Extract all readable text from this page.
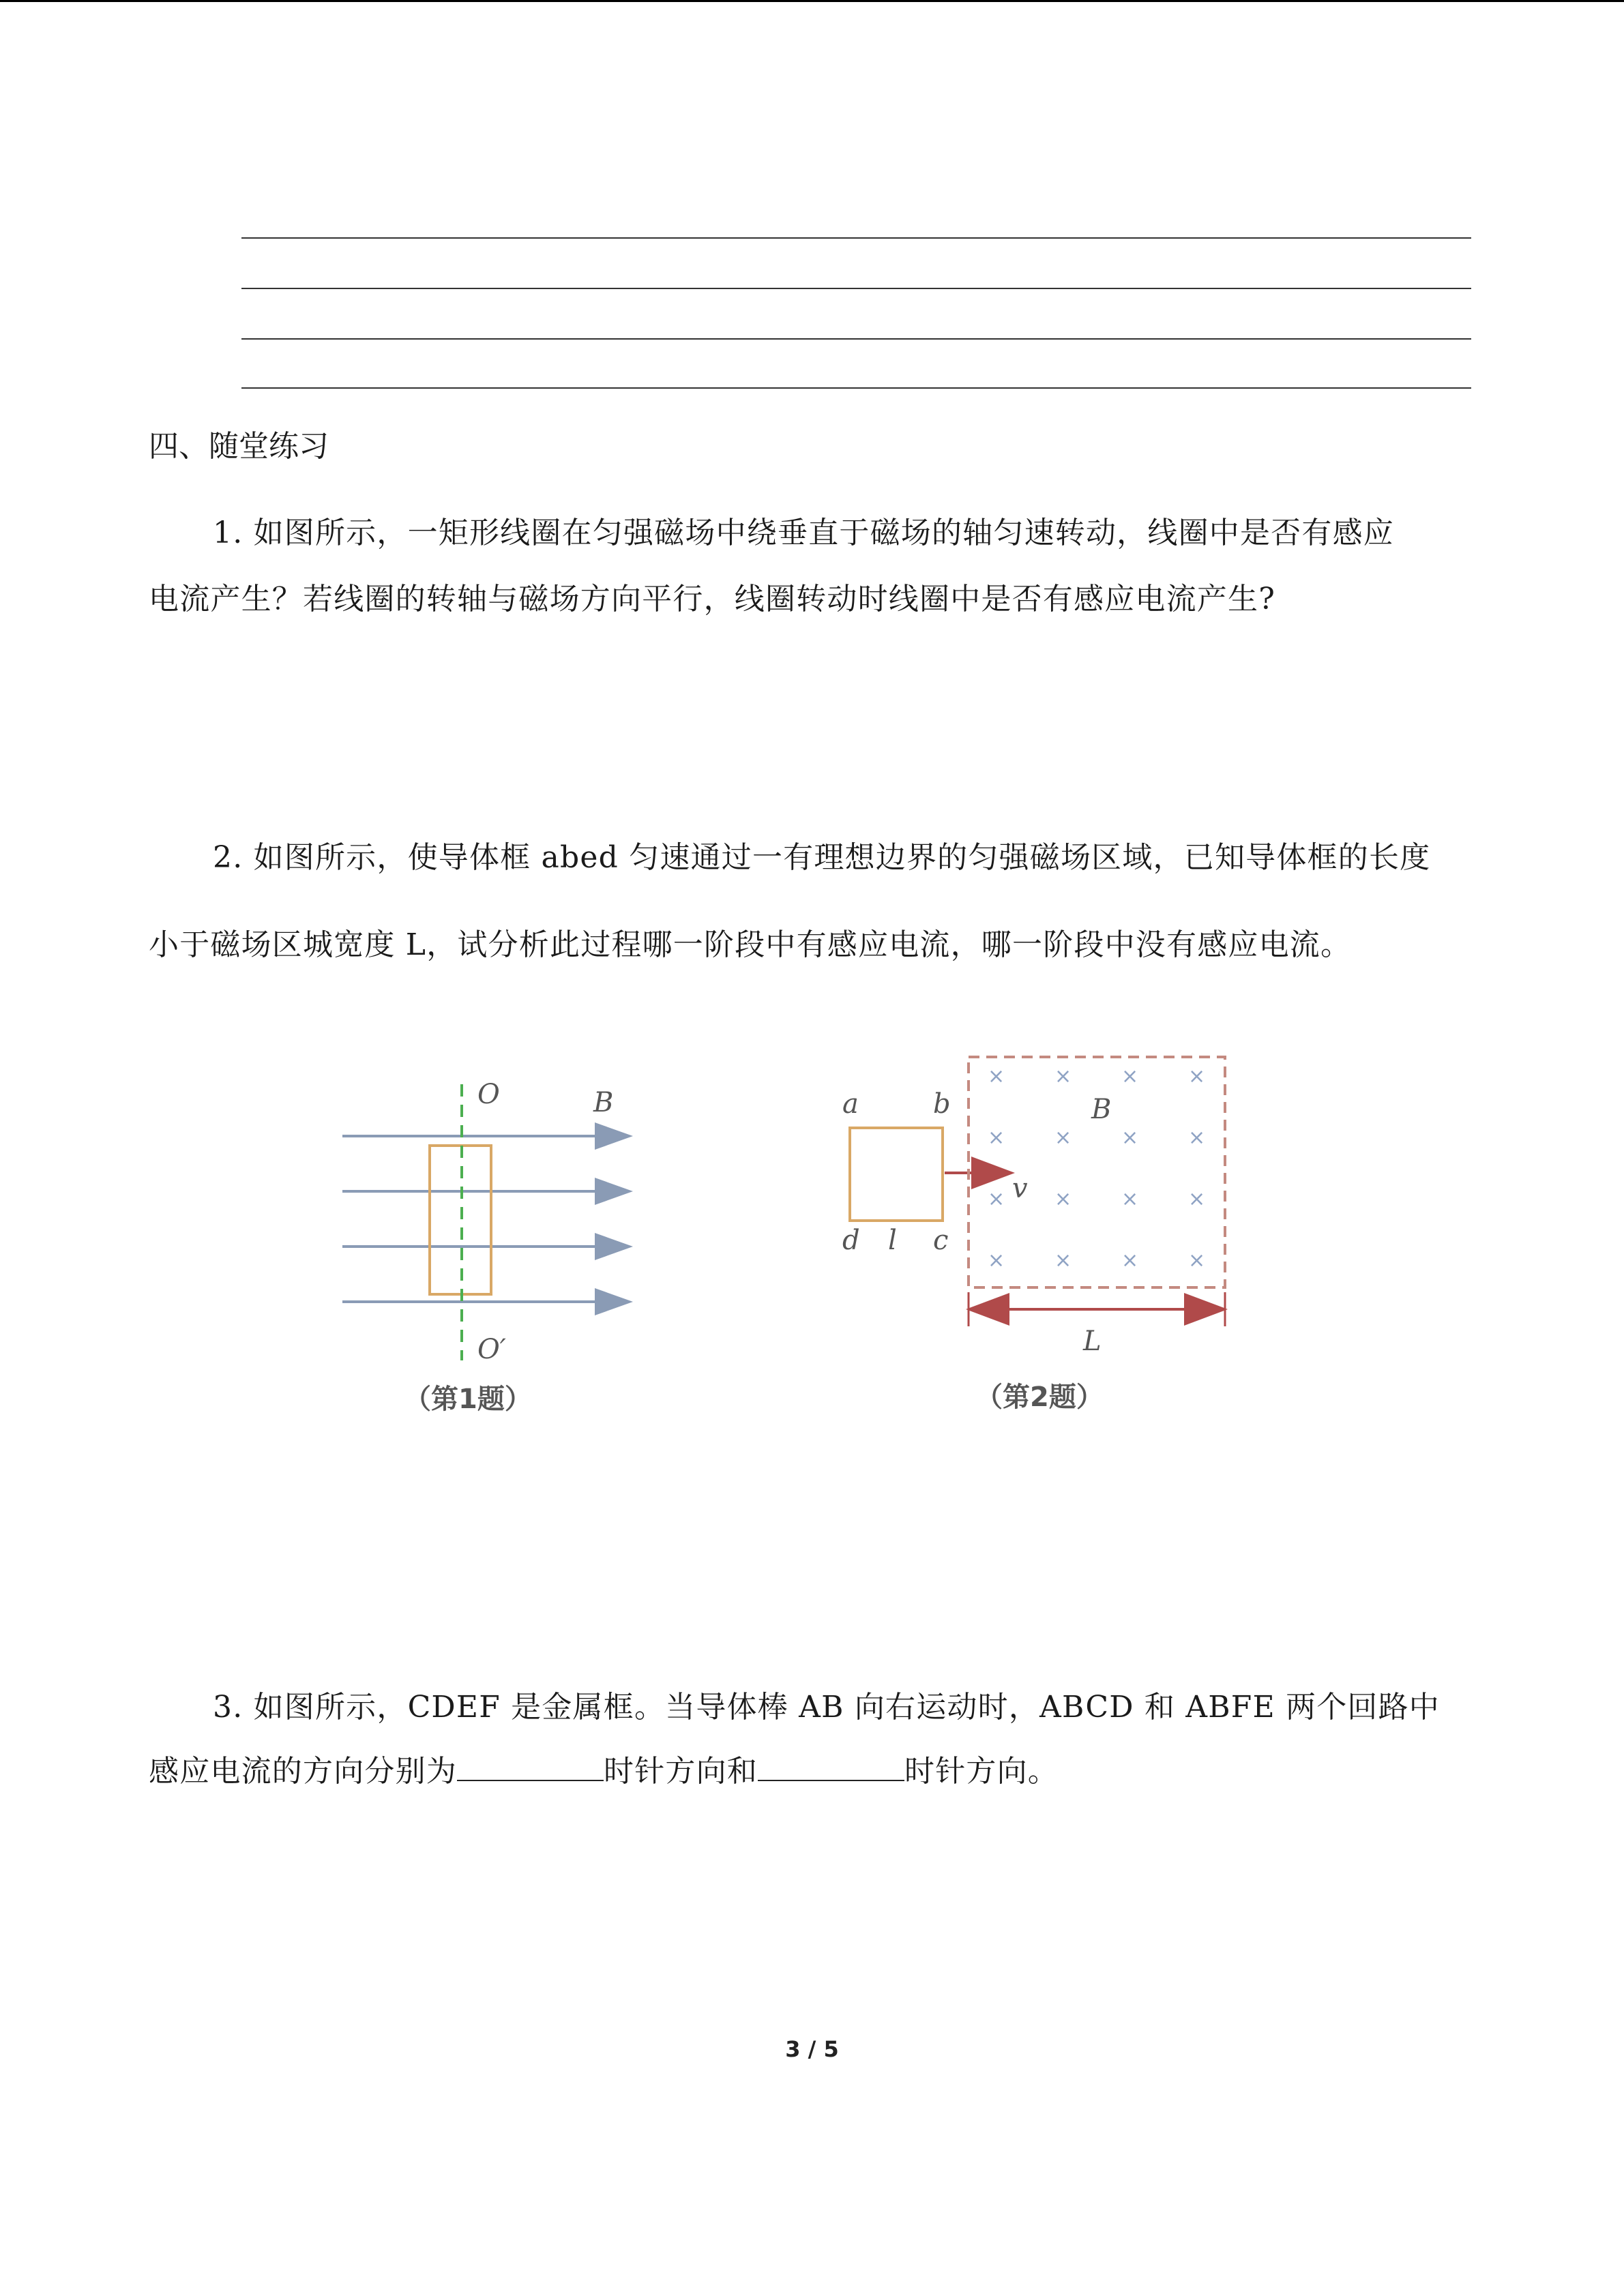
四、随堂练习
1. 如图所示，一矩形线圈在匀强磁场中绕垂直于磁场的轴匀速转动，线圈中是否有感应
电流产生？若线圈的转轴与磁场方向平行，线圈转动时线圈中是否有感应电流产生?
2. 如图所示，使导体框 abed 匀速通过一有理想边界的匀强磁场区域，已知导体框的长度
小于磁场区城宽度 L，试分析此过程哪一阶段中有感应电流，哪一阶段中没有感应电流。
O
O′
B
（第1题）
a	b
d l c
v
× × × ×
× × × ×
× × × ×
× × × ×
B
L
（第2题）
3. 如图所示，CDEF 是金属框。当导体棒 AB 向右运动时，ABCD 和 ABFE 两个回路中
感应电流的方向分别为	时针方向和	时针方向。
3 / 5
